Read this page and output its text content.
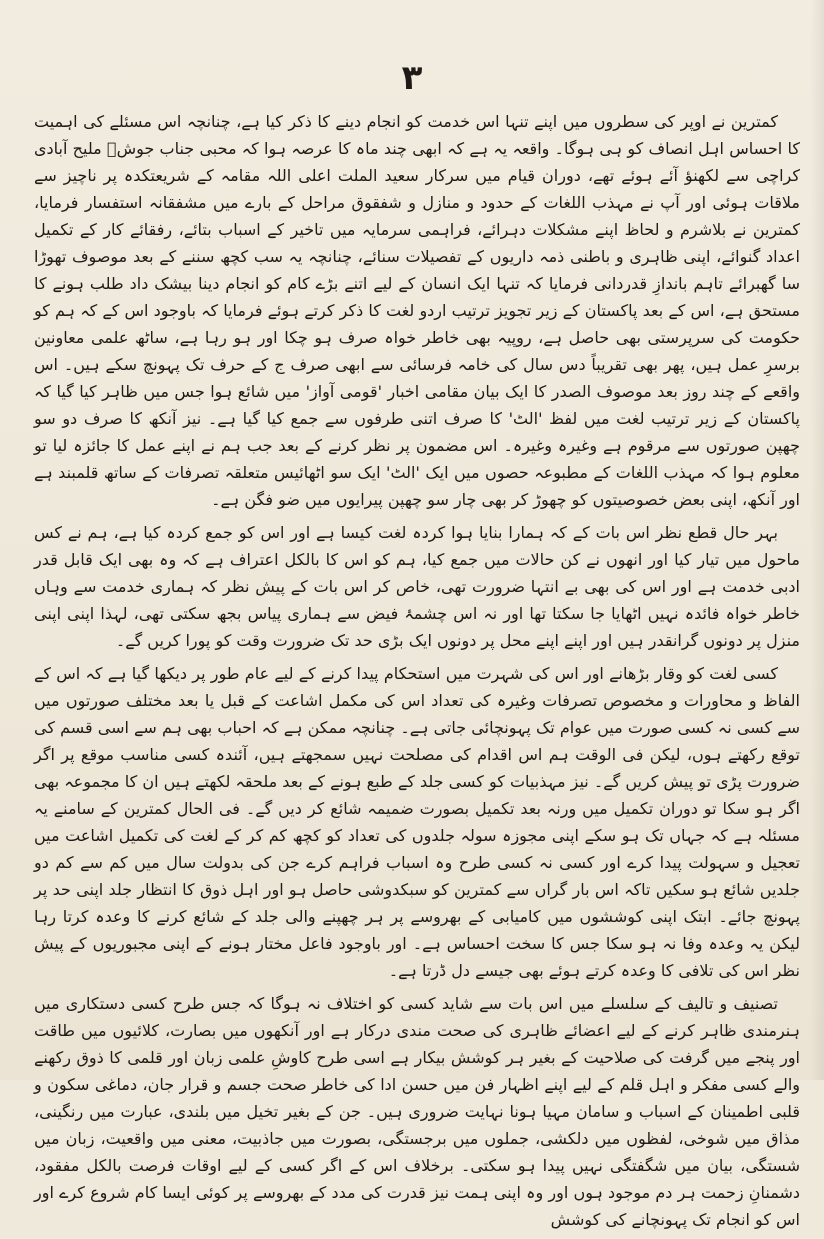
۳

کمترین نے اوپر کی سطروں میں اپنے تنہا اس خدمت کو انجام دینے کا ذکر کیا ہے، چنانچہ اس مسئلے کی اہمیت کا احساس اہل انصاف کو ہی ہوگا۔ واقعہ یہ ہے کہ ابھی چند ماہ کا عرصہ ہوا کہ محبی جناب جوشؔ ملیح آبادی کراچی سے لکھنؤ آئے ہوئے تھے، دوران قیام میں سرکار سعید الملت اعلی اللہ مقامہ کے شریعتکدہ پر ناچیز سے ملاقات ہوئی اور آپ نے مہذب اللغات کے حدود و منازل و شفقوق مراحل کے بارے میں مشفقانہ استفسار فرمایا، کمترین نے بلاشرم و لحاظ اپنے مشکلات دہرائے، فراہمی سرمایہ میں تاخیر کے اسباب بتائے، رفقائے کار کے تکمیل اعداد گنوائے، اپنی ظاہری و باطنی ذمہ داریوں کے تفصیلات سنائے، چنانچہ یہ سب کچھ سننے کے بعد موصوف تھوڑا سا گھبرائے تاہم باندازِ قدردانی فرمایا کہ تنہا ایک انسان کے لیے اتنے بڑے کام کو انجام دینا بیشک داد طلب ہونے کا مستحق ہے، اس کے بعد پاکستان کے زیر تجویز ترتیب اردو لغت کا ذکر کرتے ہوئے فرمایا کہ باوجود اس کے کہ ہم کو حکومت کی سرپرستی بھی حاصل ہے، روپیہ بھی خاطر خواہ صرف ہو چکا اور ہو رہا ہے، ساٹھ علمی معاونین برسرِ عمل ہیں، پھر بھی تقریباً دس سال کی خامہ فرسائی سے ابھی صرف ج کے حرف تک پہونچ سکے ہیں۔ اس واقعے کے چند روز بعد موصوف الصدر کا ایک بیان مقامی اخبار 'قومی آواز' میں شائع ہوا جس میں ظاہر کیا گیا کہ پاکستان کے زیر ترتیب لغت میں لفظ 'الٹ' کا صرف اتنی طرفوں سے جمع کیا گیا ہے۔ نیز آنکھ کا صرف دو سو چھپن صورتوں سے مرقوم ہے وغیرہ وغیرہ۔ اس مضمون پر نظر کرنے کے بعد جب ہم نے اپنے عمل کا جائزہ لیا تو معلوم ہوا کہ مہذب اللغات کے مطبوعہ حصوں میں ایک 'الٹ' ایک سو اٹھائیس متعلقہ تصرفات کے ساتھ قلمبند ہے اور آنکھ، اپنی بعض خصوصیتوں کو چھوڑ کر بھی چار سو چھپن پیرایوں میں ضو فگن ہے۔

بہر حال قطع نظر اس بات کے کہ ہمارا بنایا ہوا کردہ لغت کیسا ہے اور اس کو جمع کردہ کیا ہے، ہم نے کس ماحول میں تیار کیا اور انھوں نے کن حالات میں جمع کیا، ہم کو اس کا بالکل اعتراف ہے کہ وہ بھی ایک قابل قدر ادبی خدمت ہے اور اس کی بھی بے انتہا ضرورت تھی، خاص کر اس بات کے پیش نظر کہ ہماری خدمت سے وہاں خاطر خواہ فائدہ نہیں اٹھایا جا سکتا تھا اور نہ اس چشمۂ فیض سے ہماری پیاس بجھ سکتی تھی، لہذا اپنی اپنی منزل پر دونوں گرانقدر ہیں اور اپنے اپنے محل پر دونوں ایک بڑی حد تک ضرورت وقت کو پورا کریں گے۔

کسی لغت کو وقار بڑھانے اور اس کی شہرت میں استحکام پیدا کرنے کے لیے عام طور پر دیکھا گیا ہے کہ اس کے الفاظ و محاورات و مخصوص تصرفات وغیرہ کی تعداد اس کی مکمل اشاعت کے قبل یا بعد مختلف صورتوں میں سے کسی نہ کسی صورت میں عوام تک پہونچائی جاتی ہے۔ چنانچہ ممکن ہے کہ احباب بھی ہم سے اسی قسم کی توقع رکھتے ہوں، لیکن فی الوقت ہم اس اقدام کی مصلحت نہیں سمجھتے ہیں، آئندہ کسی مناسب موقع پر اگر ضرورت پڑی تو پیش کریں گے۔ نیز مہذبیات کو کسی جلد کے طبع ہونے کے بعد ملحقہ لکھتے ہیں ان کا مجموعہ بھی اگر ہو سکا تو دوران تکمیل میں ورنہ بعد تکمیل بصورت ضمیمہ شائع کر دیں گے۔ فی الحال کمترین کے سامنے یہ مسئلہ ہے کہ جہاں تک ہو سکے اپنی مجوزہ سولہ جلدوں کی تعداد کو کچھ کم کر کے لغت کی تکمیل اشاعت میں تعجیل و سہولت پیدا کرے اور کسی نہ کسی طرح وہ اسباب فراہم کرے جن کی بدولت سال میں کم سے کم دو جلدیں شائع ہو سکیں تاکہ اس بار گراں سے کمترین کو سبکدوشی حاصل ہو اور اہل ذوق کا انتظار جلد اپنی حد پر پہونچ جائے۔ ابتک اپنی کوششوں میں کامیابی کے بھروسے پر ہر چھپنے والی جلد کے شائع کرنے کا وعدہ کرتا رہا لیکن یہ وعدہ وفا نہ ہو سکا جس کا سخت احساس ہے۔ اور باوجود فاعل مختار ہونے کے اپنی مجبوریوں کے پیش نظر اس کی تلافی کا وعدہ کرتے ہوئے بھی جیسے دل ڈرتا ہے۔

تصنیف و تالیف کے سلسلے میں اس بات سے شاید کسی کو اختلاف نہ ہوگا کہ جس طرح کسی دستکاری میں ہنرمندی ظاہر کرنے کے لیے اعضائے ظاہری کی صحت مندی درکار ہے اور آنکھوں میں بصارت، کلائیوں میں طاقت اور پنجے میں گرفت کی صلاحیت کے بغیر ہر کوشش بیکار ہے اسی طرح کاوشِ علمی زبان اور قلمی کا ذوق رکھنے والے کسی مفکر و اہل قلم کے لیے اپنے اظہار فن میں حسن ادا کی خاطر صحت جسم و قرار جان، دماغی سکون و قلبی اطمینان کے اسباب و سامان مہیا ہونا نہایت ضروری ہیں۔ جن کے بغیر تخیل میں بلندی، عبارت میں رنگینی، مذاق میں شوخی، لفظوں میں دلکشی، جملوں میں برجستگی، بصورت میں جاذبیت، معنی میں واقعیت، زبان میں شستگی، بیان میں شگفتگی نہیں پیدا ہو سکتی۔ برخلاف اس کے اگر کسی کے لیے اوقات فرصت بالکل مفقود، دشمنانِ زحمت ہر دم موجود ہوں اور وہ اپنی ہمت نیز قدرت کی مدد کے بھروسے پر کوئی ایسا کام شروع کرے اور اس کو انجام تک پہونچانے کی کوشش
